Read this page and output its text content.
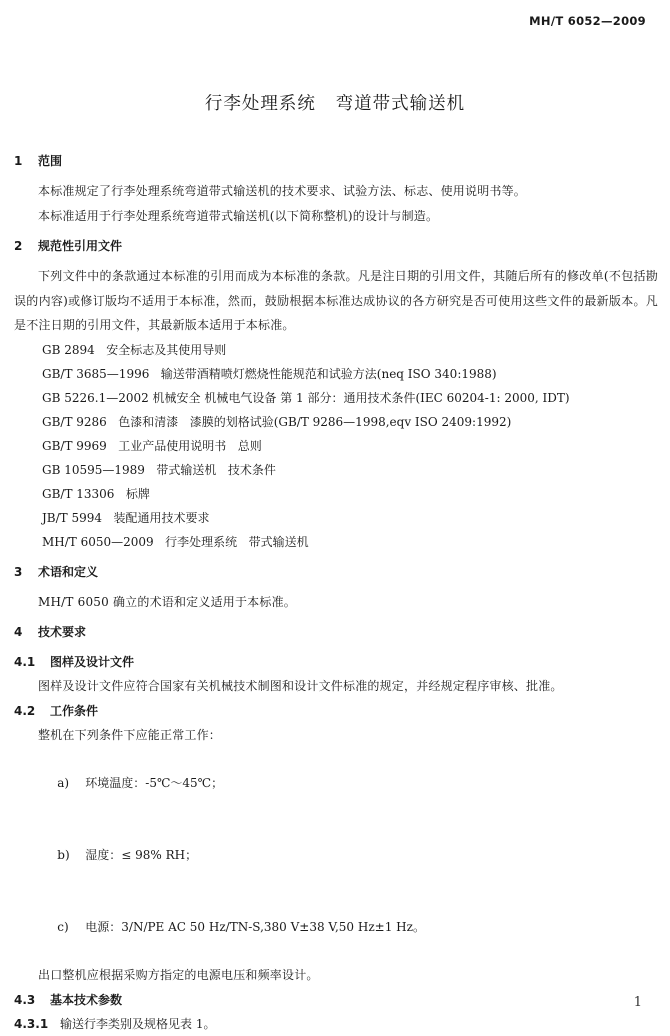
MH/T 6052—2009
行李处理系统   弯道带式输送机
1 范围
本标准规定了行李处理系统弯道带式输送机的技术要求、试验方法、标志、使用说明书等。
本标准适用于行李处理系统弯道带式输送机(以下简称整机)的设计与制造。
2 规范性引用文件
下列文件中的条款通过本标准的引用而成为本标准的条款。凡是注日期的引用文件，其随后所有的修改单(不包括勘误的内容)或修订版均不适用于本标准，然而，鼓励根据本标准达成协议的各方研究是否可使用这些文件的最新版本。凡是不注日期的引用文件，其最新版本适用于本标准。
GB 2894   安全标志及其使用导则
GB/T 3685—1996   输送带酒精喷灯燃烧性能规范和试验方法(neq ISO 340:1988)
GB 5226.1—2002 机械安全 机械电气设备 第 1 部分：通用技术条件(IEC 60204-1: 2000, IDT)
GB/T 9286   色漆和清漆   漆膜的划格试验(GB/T 9286—1998,eqv ISO 2409:1992)
GB/T 9969   工业产品使用说明书   总则
GB 10595—1989   带式输送机   技术条件
GB/T 13306   标牌
JB/T 5994   装配通用技术要求
MH/T 6050—2009   行李处理系统   带式输送机
3 术语和定义
MH/T 6050 确立的术语和定义适用于本标准。
4 技术要求
4.1 图样及设计文件
图样及设计文件应符合国家有关机械技术制图和设计文件标准的规定，并经规定程序审核、批准。
4.2 工作条件
整机在下列条件下应能正常工作：

a) 环境温度：-5℃～45℃；

b) 湿度：≤ 98% RH；

c) 电源：3/N/PE AC 50 Hz/TN-S,380 V±38 V,50 Hz±1 Hz。

出口整机应根据采购方指定的电源电压和频率设计。
4.3 基本技术参数
4.3.1 输送行李类别及规格见表 1。
1
